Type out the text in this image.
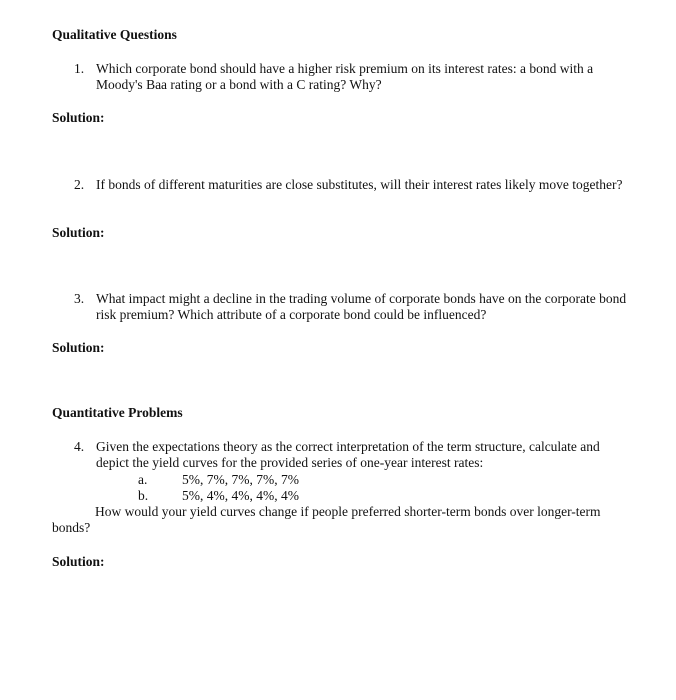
Qualitative Questions
1. Which corporate bond should have a higher risk premium on its interest rates: a bond with a Moody's Baa rating or a bond with a C rating? Why?
Solution:
2. If bonds of different maturities are close substitutes, will their interest rates likely move together?
Solution:
3. What impact might a decline in the trading volume of corporate bonds have on the corporate bond risk premium? Which attribute of a corporate bond could be influenced?
Solution:
Quantitative Problems
4. Given the expectations theory as the correct interpretation of the term structure, calculate and depict the yield curves for the provided series of one-year interest rates:
a.	5%, 7%, 7%, 7%, 7%
b.	5%, 4%, 4%, 4%, 4%
How would your yield curves change if people preferred shorter-term bonds over longer-term bonds?
Solution:
